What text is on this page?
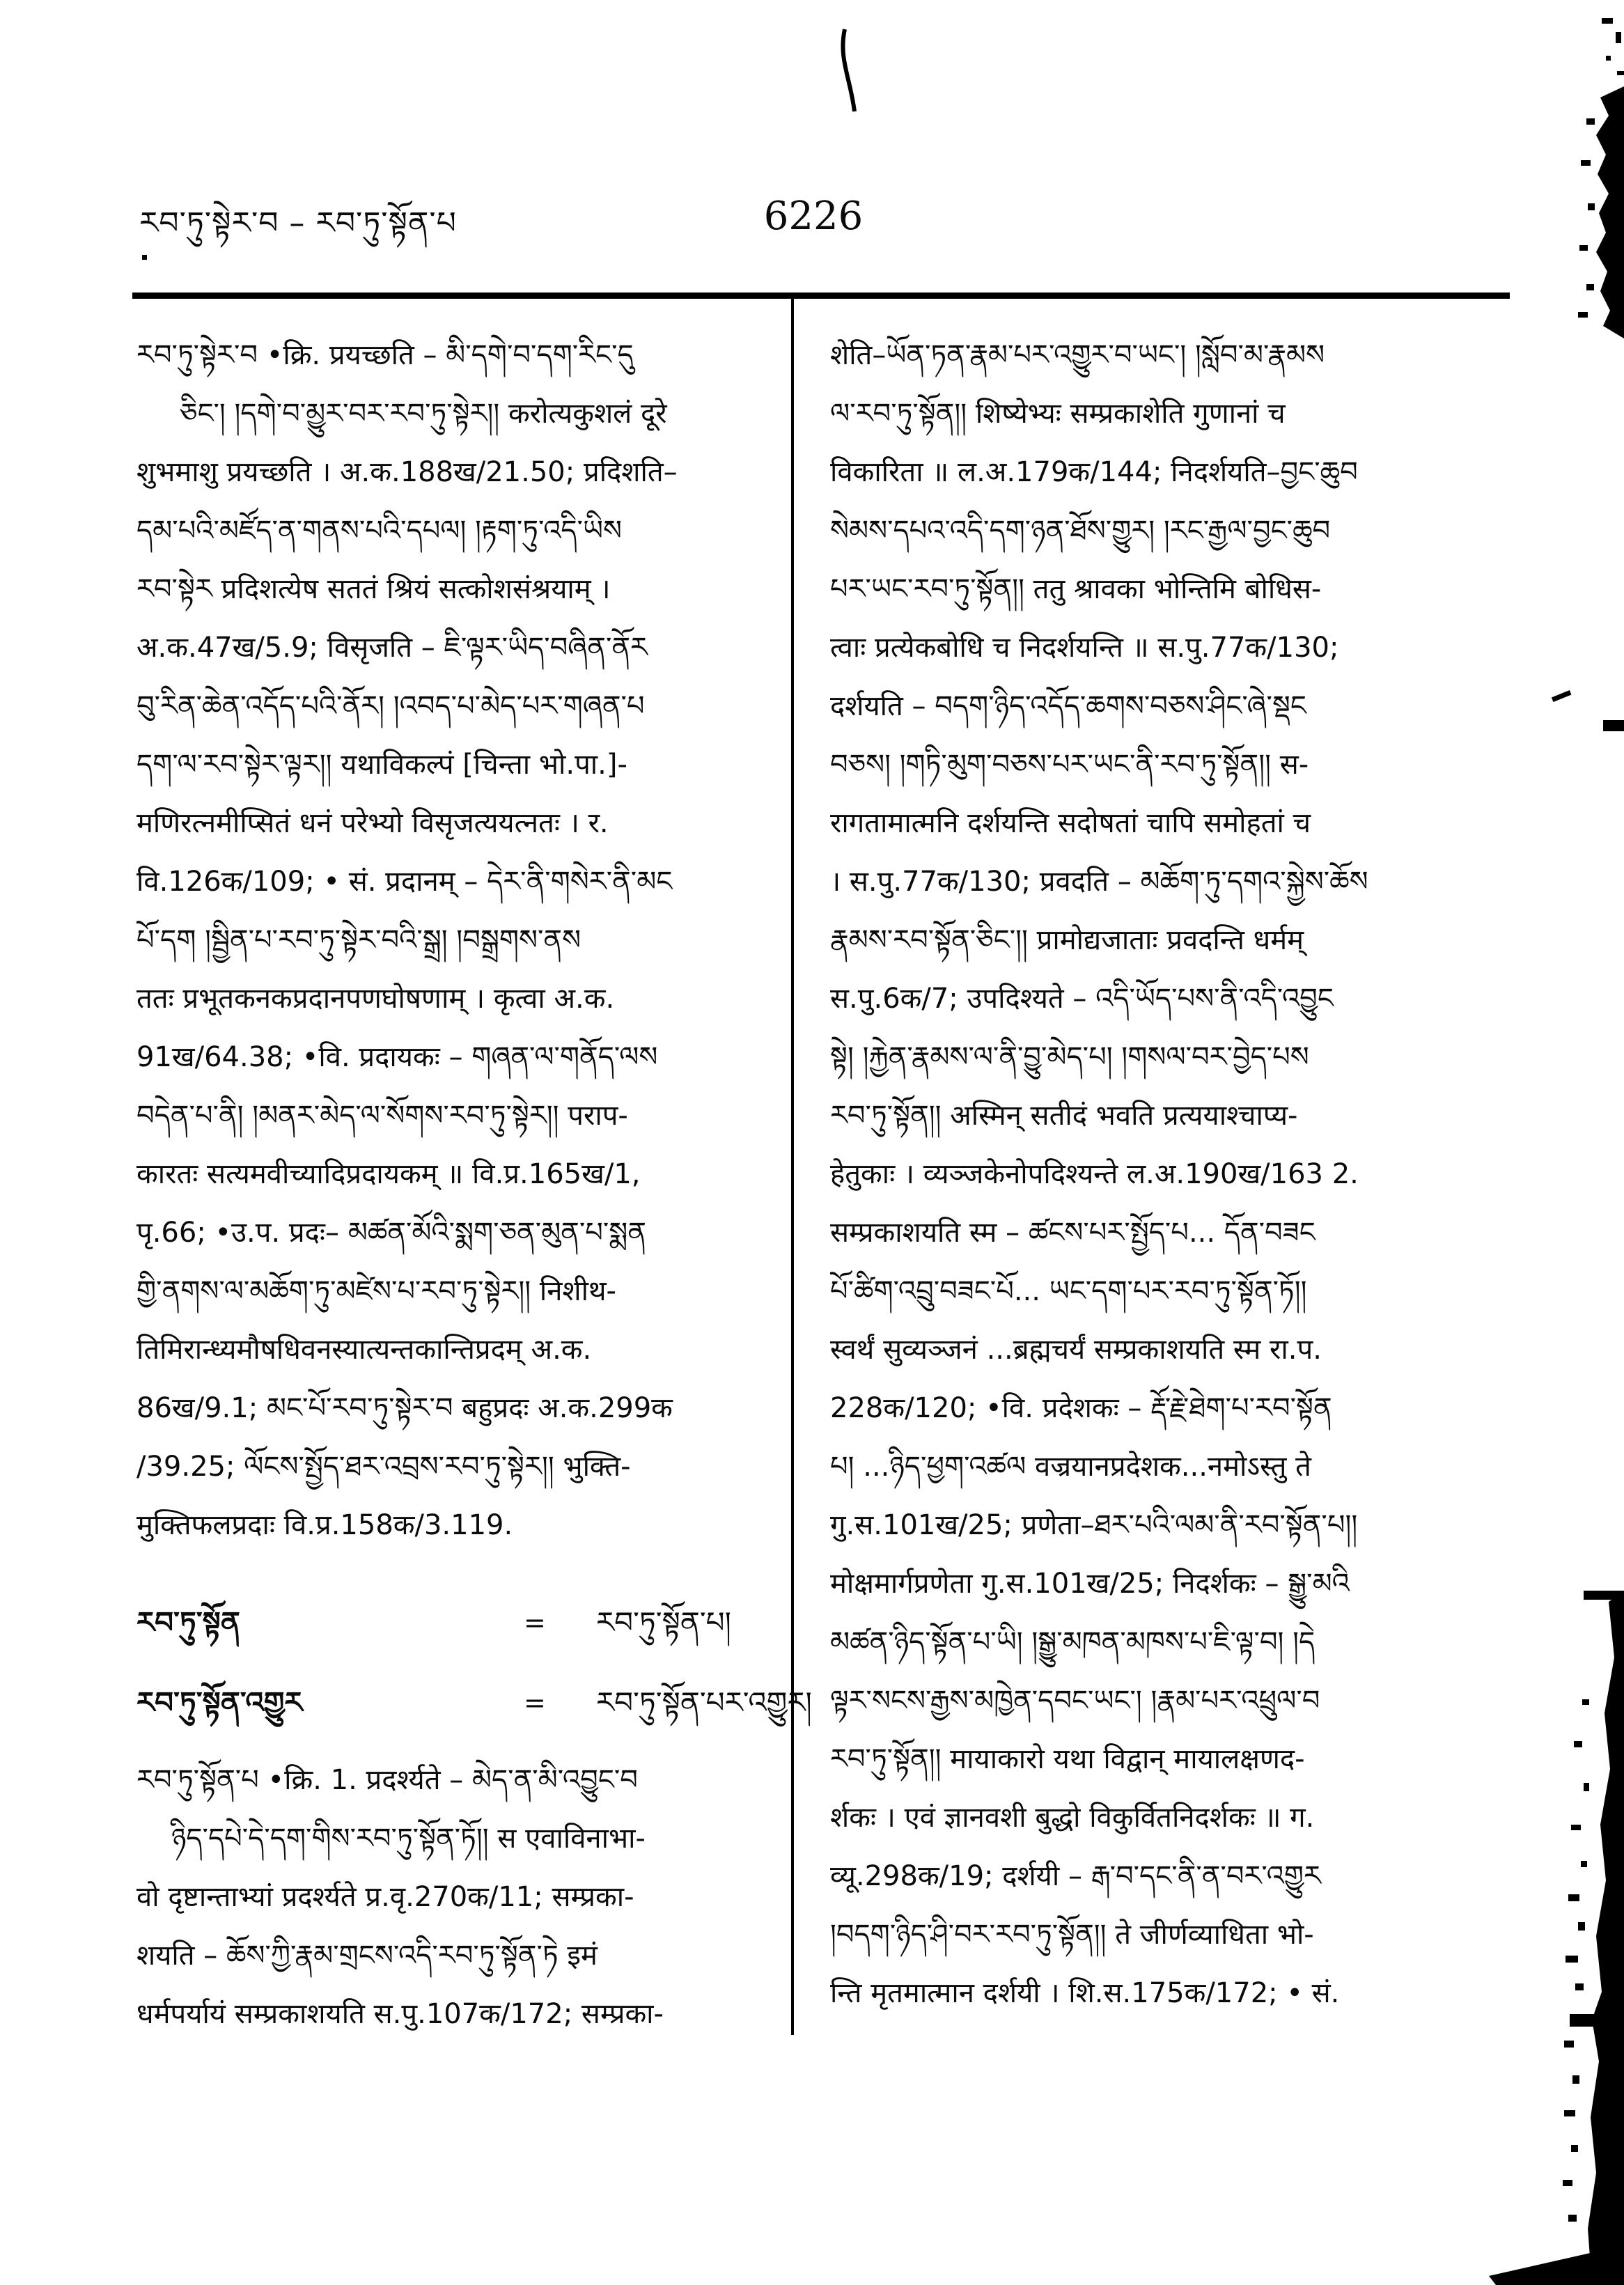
རབ་ཏུ་སྟེར་བ – རབ་ཏུ་སྟོན་པ	6226
རབ་ཏུ་སྟེར་བ •क्रि. प्रयच्छति – མི་དགེ་བ་དག་རིང་དུ
ཅིང༌། །དགེ་བ་མྱུར་བར་རབ་ཏུ་སྟེར།། करोत्यकुशलं दूरे
शुभमाशु प्रयच्छति । अ.क.188ख/21.50; प्रदिशति–
དམ་པའི་མཛོད་ན་གནས་པའི་དཔལ། །རྟག་ཏུ་འདི་ཡིས
རབ་སྟེར प्रदिशत्येष सततं श्रियं सत्कोशसंश्रयाम् ।
अ.क.47ख/5.9; विसृजति – ཇི་ལྟར་ཡིད་བཞིན་ནོར
བུ་རིན་ཆེན་འདོད་པའི་ནོར། །འབད་པ་མེད་པར་གཞན་པ
དག་ལ་རབ་སྟེར་ལྟར།། यथाविकल्पं [चिन्ता भो.पा.]-
मणिरत्नमीप्सितं धनं परेभ्यो विसृजत्ययत्नतः । र.
वि.126क/109; • सं. प्रदानम् – དེར་ནི་གསེར་ནི་མང
པོ་དག །སྦྱིན་པ་རབ་ཏུ་སྟེར་བའི་སྒྲ། །བསྒྲགས་ནས
ततः प्रभूतकनकप्रदानपणघोषणाम् । कृत्वा अ.क.
91ख/64.38; •वि. प्रदायकः – གཞན་ལ་གནོད་ལས
བདེན་པ་ནི། །མནར་མེད་ལ་སོགས་རབ་ཏུ་སྟེར།། पराप-
कारतः सत्यमवीच्यादिप्रदायकम् ॥ वि.प्र.165ख/1,
पृ.66; •उ.प. प्रदः– མཚན་མོའི་སྨག་ཅན་མུན་པ་སྨན
གྱི་ནགས་ལ་མཆོག་ཏུ་མཛེས་པ་རབ་ཏུ་སྟེར།། निशीथ-
तिमिरान्ध्यमौषधिवनस्यात्यन्तकान्तिप्रदम् अ.क.
86ख/9.1; མང་པོ་རབ་ཏུ་སྟེར་བ बहुप्रदः अ.क.299क
/39.25; ལོངས་སྤྱོད་ཐར་འབྲས་རབ་ཏུ་སྟེར།། भुक्ति-
मुक्तिफलप्रदाः वि.प्र.158क/3.119.
རབ་ཏུ་སྟོན	= རབ་ཏུ་སྟོན་པ།
རབ་ཏུ་སྟོན་འགྱུར	= རབ་ཏུ་སྟོན་པར་འགྱུར།
རབ་ཏུ་སྟོན་པ •क्रि. 1. प्रदर्श्यते – མེད་ན་མི་འབྱུང་བ
ཉིད་དཔེ་དེ་དག་གིས་རབ་ཏུ་སྟོན་ཏོ།། स एवाविनाभा-
वो दृष्टान्ताभ्यां प्रदर्श्यते प्र.वृ.270क/11; सम्प्रका-
शयति – ཆོས་ཀྱི་རྣམ་གྲངས་འདི་རབ་ཏུ་སྟོན་ཏེ इमं
धर्मपर्यायं सम्प्रकाशयति स.पु.107क/172; सम्प्रका-
शेति–ཡོན་ཏན་རྣམ་པར་འགྱུར་བ་ཡང༌། །སློབ་མ་རྣམས
ལ་རབ་ཏུ་སྟོན།། शिष्येभ्यः सम्प्रकाशेति गुणानां च
विकारिता ॥ ल.अ.179क/144; निदर्शयति–བྱང་ཆུབ
སེམས་དཔའ་འདི་དག་ཉན་ཐོས་གྱུར། །རང་རྒྱལ་བྱང་ཆུབ
པར་ཡང་རབ་ཏུ་སྟོན།། ततु श्रावका भोन्तिमि बोधिस-
त्वाः प्रत्येकबोधि च निदर्शयन्ति ॥ स.पु.77क/130;
दर्शयति – བདག་ཉིད་འདོད་ཆགས་བཅས་ཤིང་ཞེ་སྡང
བཅས། །གཏི་མུག་བཅས་པར་ཡང་ནི་རབ་ཏུ་སྟོན།། स-
रागतामात्मनि दर्शयन्ति सदोषतां चापि समोहतां च
। स.पु.77क/130; प्रवदति – མཆོག་ཏུ་དགའ་སྐྱེས་ཆོས
རྣམས་རབ་སྟོན་ཅིང༌།། प्रामोद्यजाताः प्रवदन्ति धर्मम्
स.पु.6क/7; उपदिश्यते – འདི་ཡོད་པས་ནི་འདི་འབྱུང
སྟེ། །རྐྱེན་རྣམས་ལ་ནི་བྱུ་མེད་པ། །གསལ་བར་བྱེད་པས
རབ་ཏུ་སྟོན།། अस्मिन् सतीदं भवति प्रत्ययाश्चाप्य-
हेतुकाः । व्यञ्जकेनोपदिश्यन्ते ल.अ.190ख/163 2.
सम्प्रकाशयति स्म – ཚངས་པར་སྤྱོད་པ... དོན་བཟང
པོ་ཚིག་འབྲུ་བཟང་པོ... ཡང་དག་པར་རབ་ཏུ་སྟོན་ཏོ།།
स्वर्थं सुव्यञ्जनं ...ब्रह्मचर्यं सम्प्रकाशयति स्म रा.प.
228क/120; •वि. प्रदेशकः – རྡོ་རྗེ་ཐེག་པ་རབ་སྟོན
པ། ...ཉིད་ཕྱག་འཚལ वज्रयानप्रदेशक...नमोऽस्तु ते
गु.स.101ख/25; प्रणेता–ཐར་པའི་ལམ་ནི་རབ་སྟོན་པ།།
मोक्षमार्गप्रणेता गु.स.101ख/25; निदर्शकः – སྒྱུ་མའི
མཚན་ཉིད་སྟོན་པ་ཡི། །སྒྱུ་མཁན་མཁས་པ་ཇི་ལྟ་བ། །དེ
ལྟར་སངས་རྒྱས་མཁྱེན་དབང་ཡང༌། །རྣམ་པར་འཕྲུལ་བ
རབ་ཏུ་སྟོན།། मायाकारो यथा विद्वान् मायालक्षणद-
र्शकः । एवं ज्ञानवशी बुद्धो विकुर्वितनिदर्शकः ॥ ग.
व्यू.298क/19; दर्शयी – རྒ་བ་དང་ནི་ན་བར་འགྱུར
།བདག་ཉིད་ཤི་བར་རབ་ཏུ་སྟོན།། ते जीर्णव्याधिता भो-
न्ति मृतमात्मान दर्शयी । शि.स.175क/172; • सं.
